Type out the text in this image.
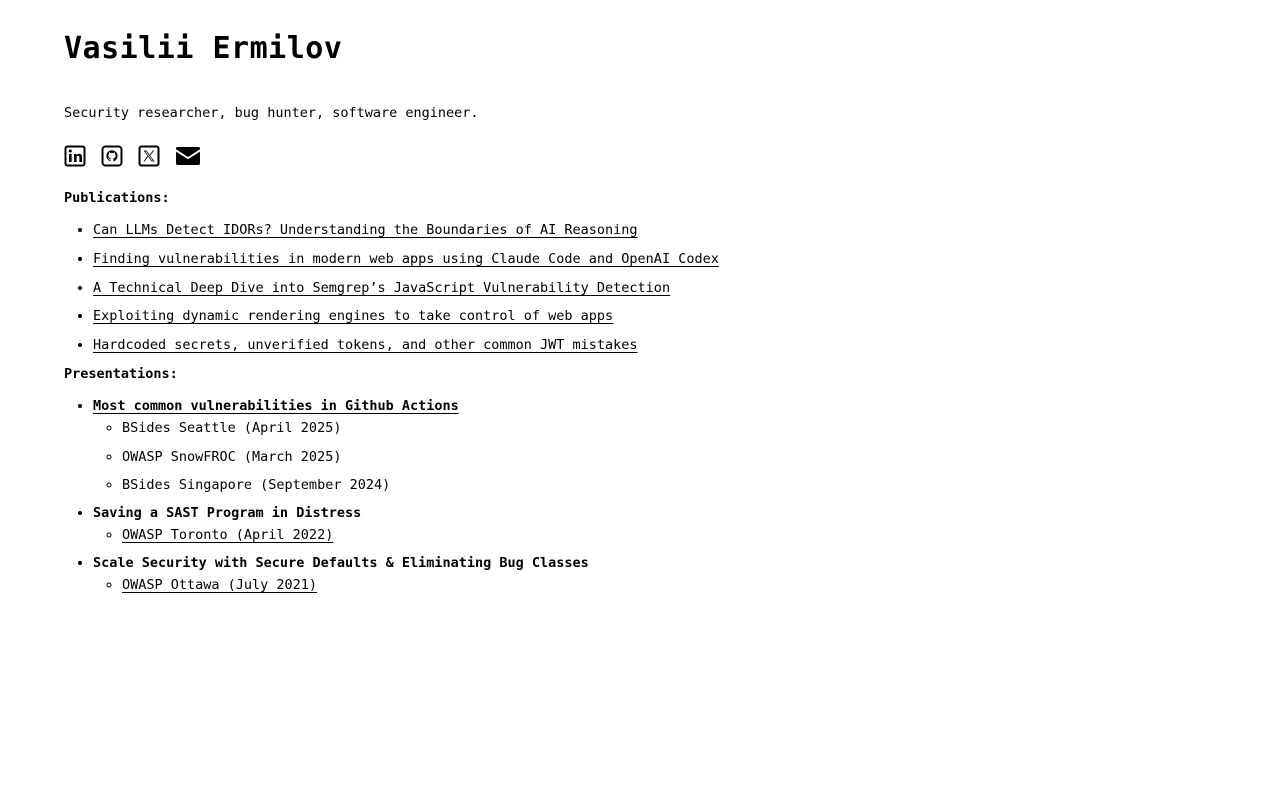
Vasilii Ermilov

Security researcher, bug hunter, software engineer.

Publications:
• Can LLMs Detect IDORs? Understanding the Boundaries of AI Reasoning
• Finding vulnerabilities in modern web apps using Claude Code and OpenAI Codex
• A Technical Deep Dive into Semgrep’s JavaScript Vulnerability Detection
• Exploiting dynamic rendering engines to take control of web apps
• Hardcoded secrets, unverified tokens, and other common JWT mistakes
Presentations:
• Most common vulnerabilities in Github Actions
◦ BSides Seattle (April 2025)
◦ OWASP SnowFROC (March 2025)
◦ BSides Singapore (September 2024)
• Saving a SAST Program in Distress
◦ OWASP Toronto (April 2022)
• Scale Security with Secure Defaults & Eliminating Bug Classes
◦ OWASP Ottawa (July 2021)
